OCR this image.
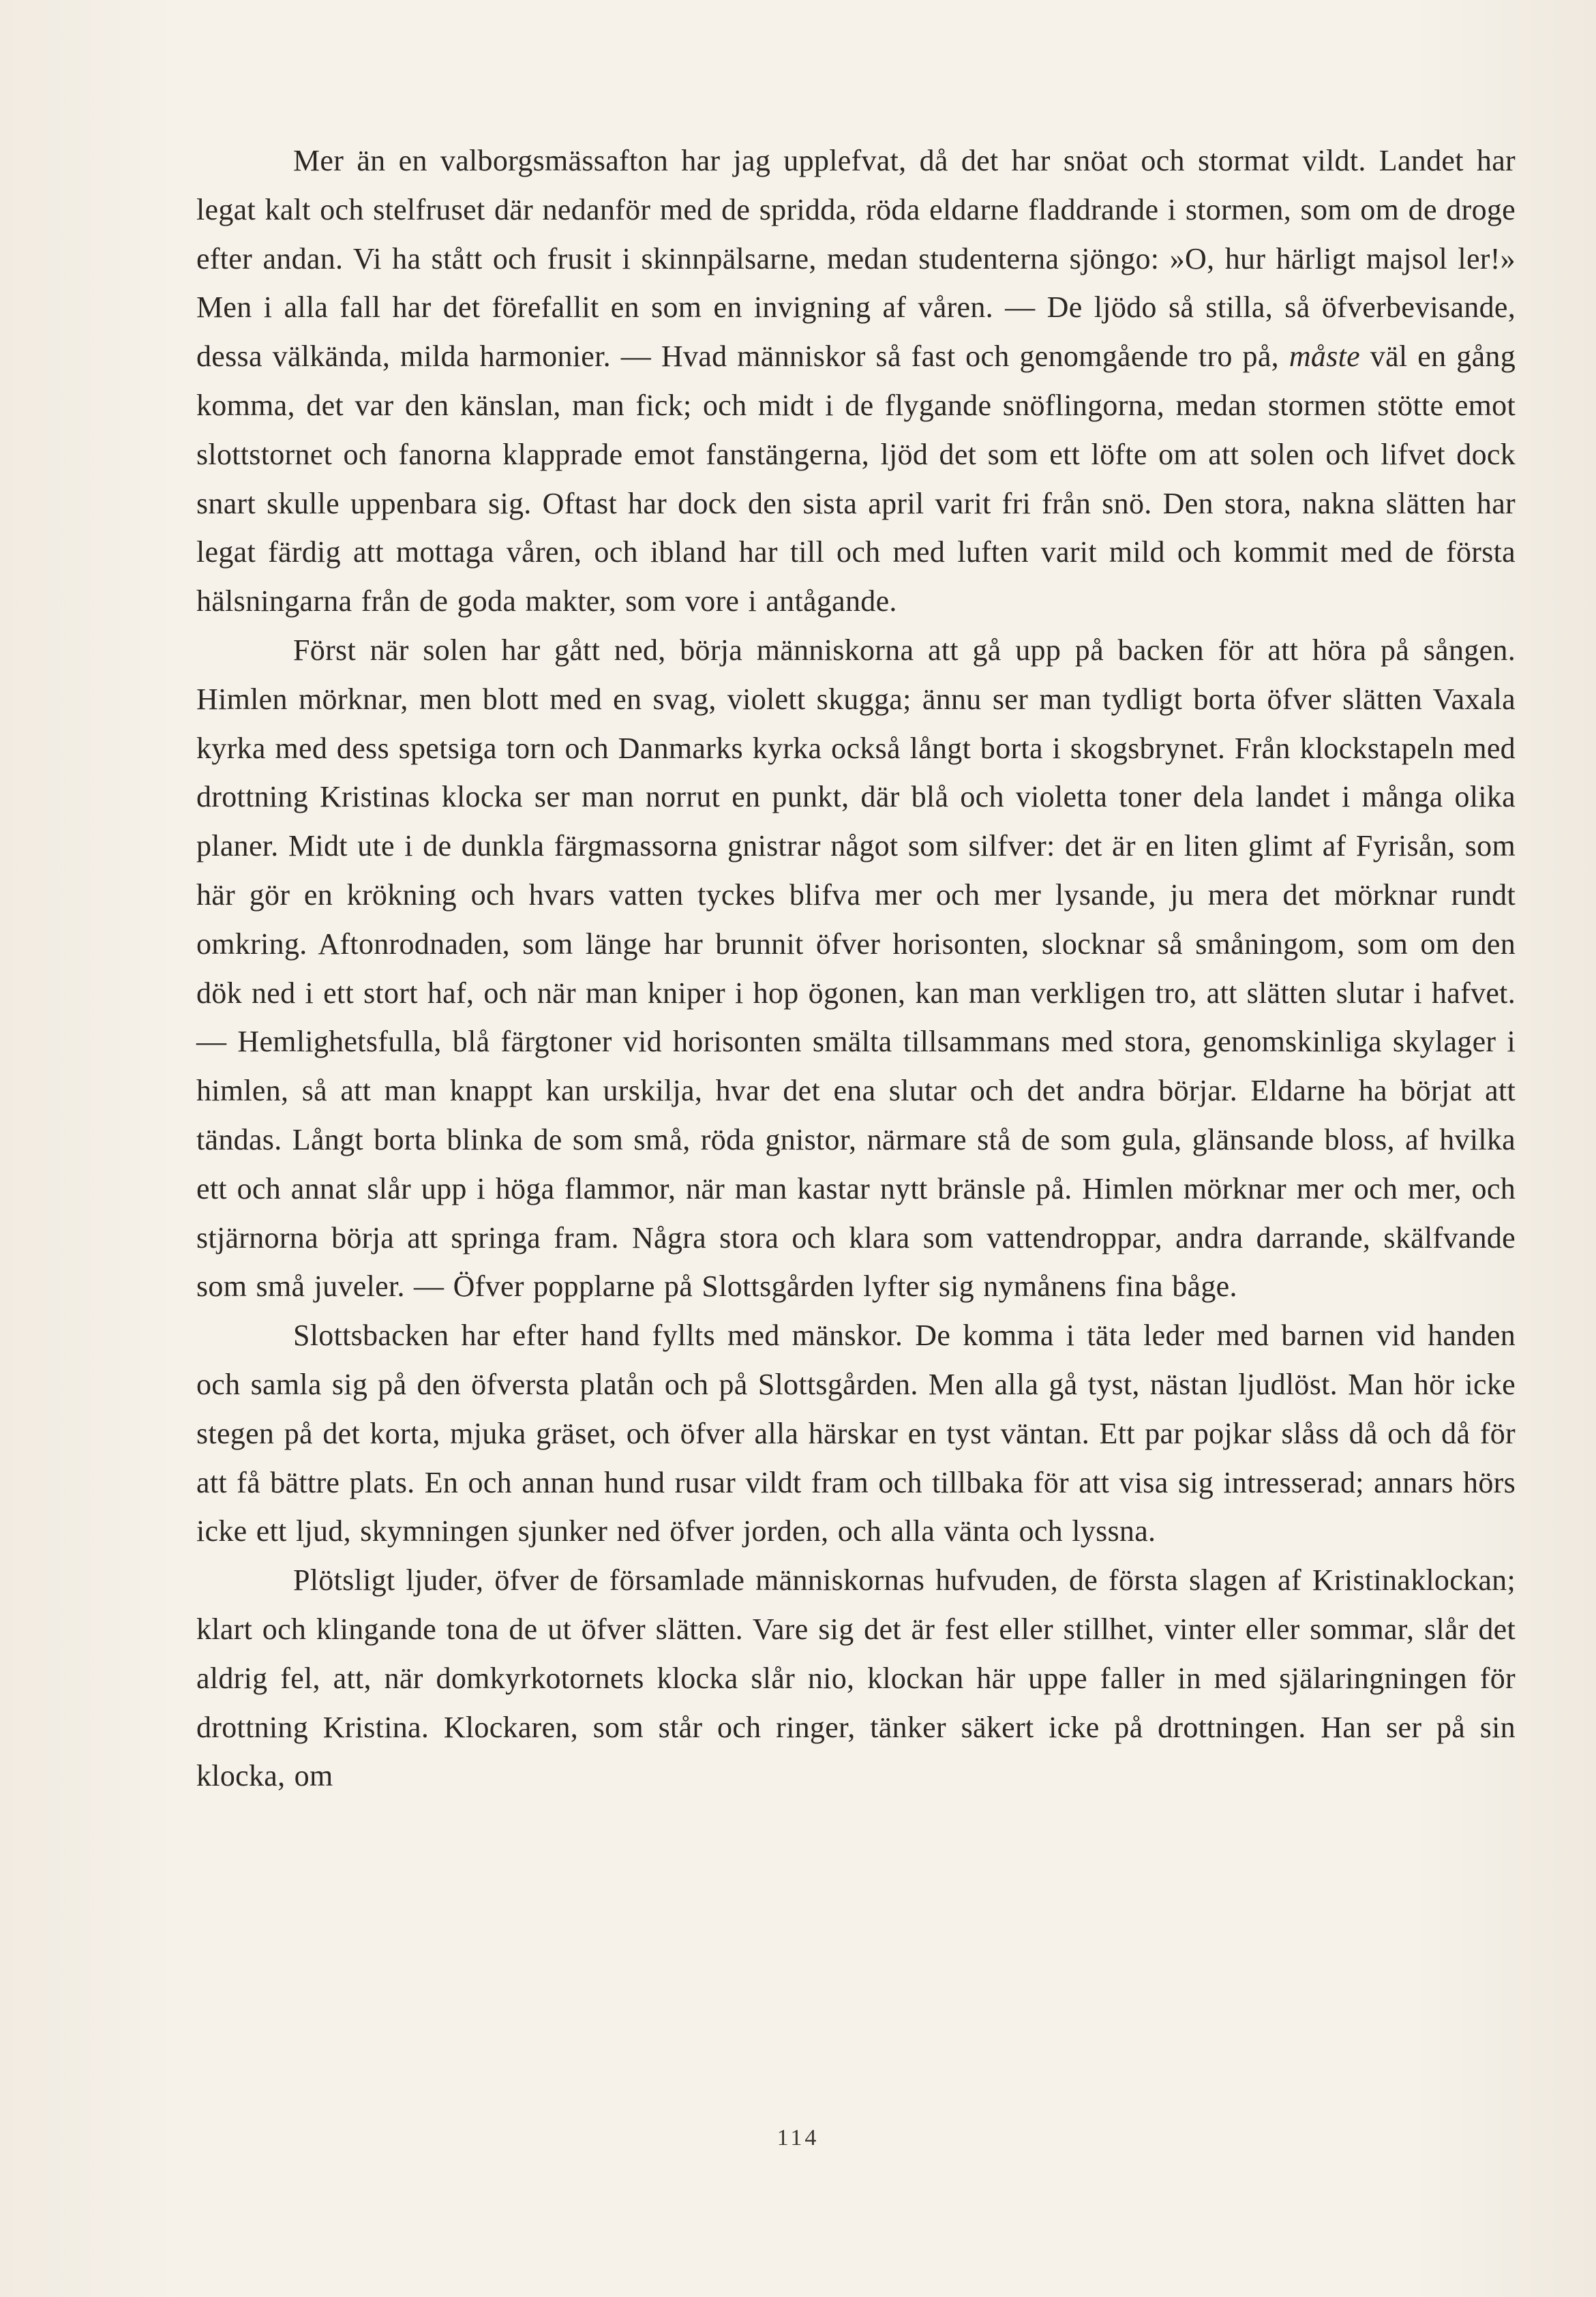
Mer än en valborgsmässafton har jag upplefvat, då det har snöat och stormat vildt. Landet har legat kalt och stelfruset där nedanför med de spridda, röda eldarne fladdrande i stormen, som om de droge efter andan. Vi ha stått och frusit i skinnpälsarne, medan studenterna sjöngo: »O, hur härligt majsol ler!» Men i alla fall har det förefallit en som en invigning af våren. — De ljödo så stilla, så öfverbevisande, dessa välkända, milda harmonier. — Hvad människor så fast och genomgående tro på, måste väl en gång komma, det var den känslan, man fick; och midt i de flygande snöflingorna, medan stormen stötte emot slottstornet och fanorna klapprade emot fanstängerna, ljöd det som ett löfte om att solen och lifvet dock snart skulle uppenbara sig. Oftast har dock den sista april varit fri från snö. Den stora, nakna slätten har legat färdig att mottaga våren, och ibland har till och med luften varit mild och kommit med de första hälsningarna från de goda makter, som vore i antågande.

Först när solen har gått ned, börja människorna att gå upp på backen för att höra på sången. Himlen mörknar, men blott med en svag, violett skugga; ännu ser man tydligt borta öfver slätten Vaxala kyrka med dess spetsiga torn och Danmarks kyrka också långt borta i skogsbrynet. Från klockstapeln med drottning Kristinas klocka ser man norrut en punkt, där blå och violetta toner dela landet i många olika planer. Midt ute i de dunkla färgmassorna gnistrar något som silfver: det är en liten glimt af Fyrisån, som här gör en krökning och hvars vatten tyckes blifva mer och mer lysande, ju mera det mörknar rundt omkring. Aftonrodnaden, som länge har brunnit öfver horisonten, slocknar så småningom, som om den dök ned i ett stort haf, och när man kniper i hop ögonen, kan man verkligen tro, att slätten slutar i hafvet. — Hemlighetsfulla, blå färgtoner vid horisonten smälta tillsammans med stora, genomskinliga skylager i himlen, så att man knappt kan urskilja, hvar det ena slutar och det andra börjar. Eldarne ha börjat att tändas. Långt borta blinka de som små, röda gnistor, närmare stå de som gula, glänsande bloss, af hvilka ett och annat slår upp i höga flammor, när man kastar nytt bränsle på. Himlen mörknar mer och mer, och stjärnorna börja att springa fram. Några stora och klara som vattendroppar, andra darrande, skälfvande som små juveler. — Öfver popplarne på Slottsgården lyfter sig nymånens fina båge.

Slottsbacken har efter hand fyllts med mänskor. De komma i täta leder med barnen vid handen och samla sig på den öfversta platån och på Slottsgården. Men alla gå tyst, nästan ljudlöst. Man hör icke stegen på det korta, mjuka gräset, och öfver alla härskar en tyst väntan. Ett par pojkar slåss då och då för att få bättre plats. En och annan hund rusar vildt fram och tillbaka för att visa sig intresserad; annars hörs icke ett ljud, skymningen sjunker ned öfver jorden, och alla vänta och lyssna.

Plötsligt ljuder, öfver de församlade människornas hufvuden, de första slagen af Kristinaklockan; klart och klingande tona de ut öfver slätten. Vare sig det är fest eller stillhet, vinter eller sommar, slår det aldrig fel, att, när domkyrkotornets klocka slår nio, klockan här uppe faller in med själaringningen för drottning Kristina. Klockaren, som står och ringer, tänker säkert icke på drottningen. Han ser på sin klocka, om

114
